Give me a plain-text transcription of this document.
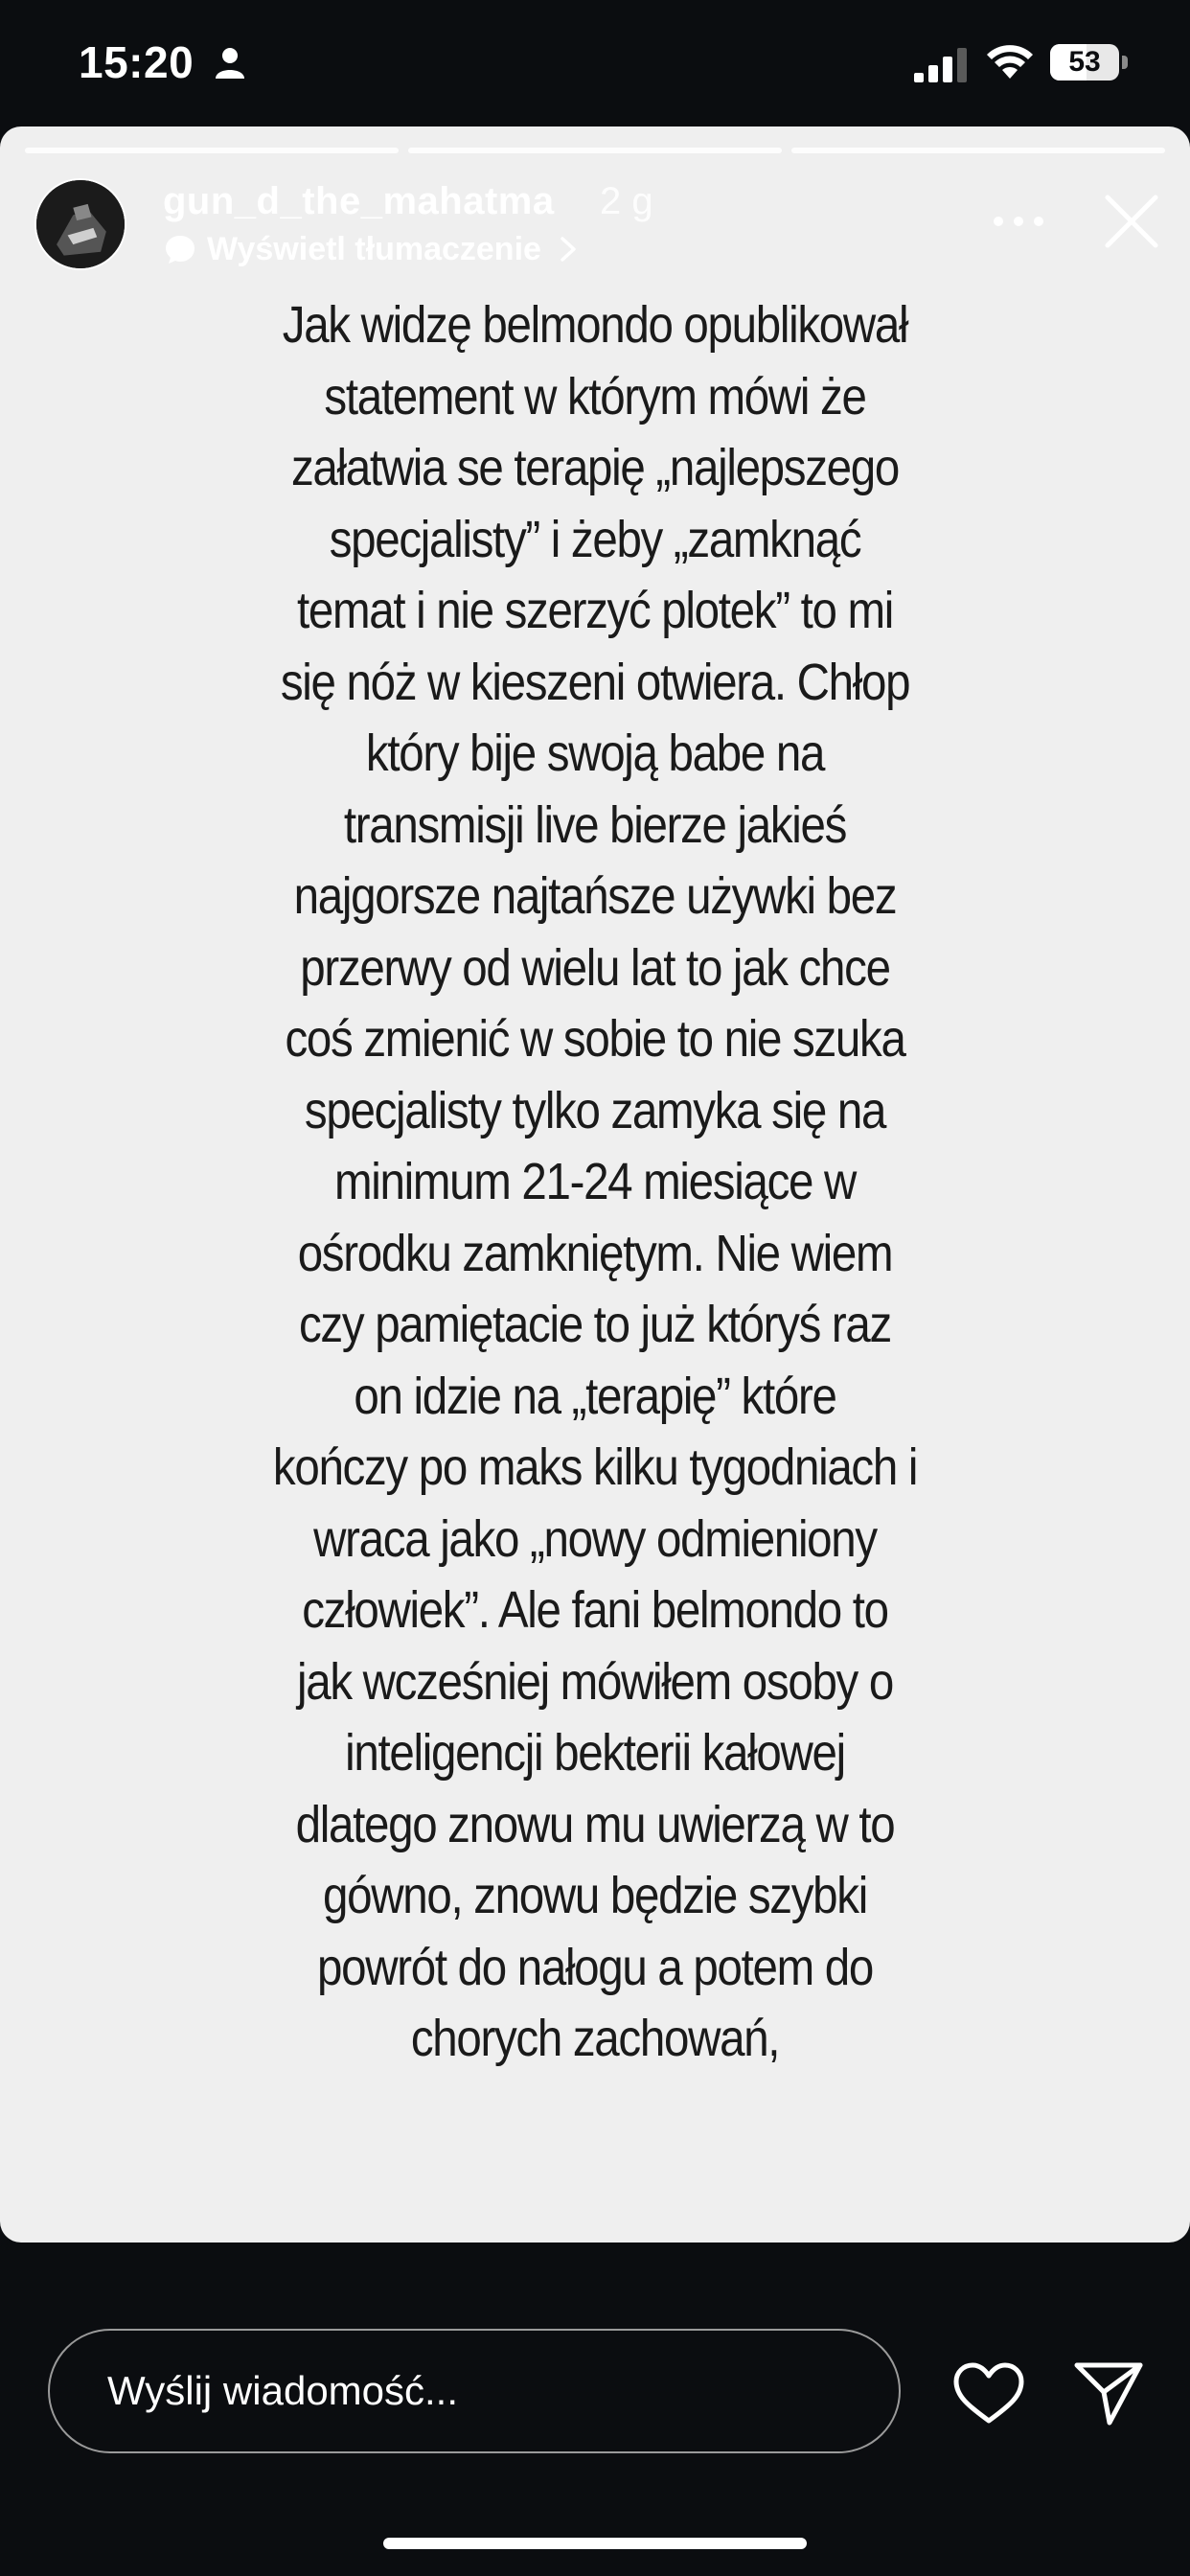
15:20	53
gun_d_the_mahatma 2 g
Wyświetl tłumaczenie
Jak widzę belmondo opublikował
statement w którym mówi że
załatwia se terapię „najlepszego
specjalisty” i żeby „zamknąć
temat i nie szerzyć plotek” to mi
się nóż w kieszeni otwiera. Chłop
który bije swoją babe na
transmisji live bierze jakieś
najgorsze najtańsze używki bez
przerwy od wielu lat to jak chce
coś zmienić w sobie to nie szuka
specjalisty tylko zamyka się na
minimum 21-24 miesiące w
ośrodku zamkniętym. Nie wiem
czy pamiętacie to już któryś raz
on idzie na „terapię” które
kończy po maks kilku tygodniach i
wraca jako „nowy odmieniony
człowiek”. Ale fani belmondo to
jak wcześniej mówiłem osoby o
inteligencji bekterii kałowej
dlatego znowu mu uwierzą w to
gówno, znowu będzie szybki
powrót do nałogu a potem do
chorych zachowań,
Wyślij wiadomość...
